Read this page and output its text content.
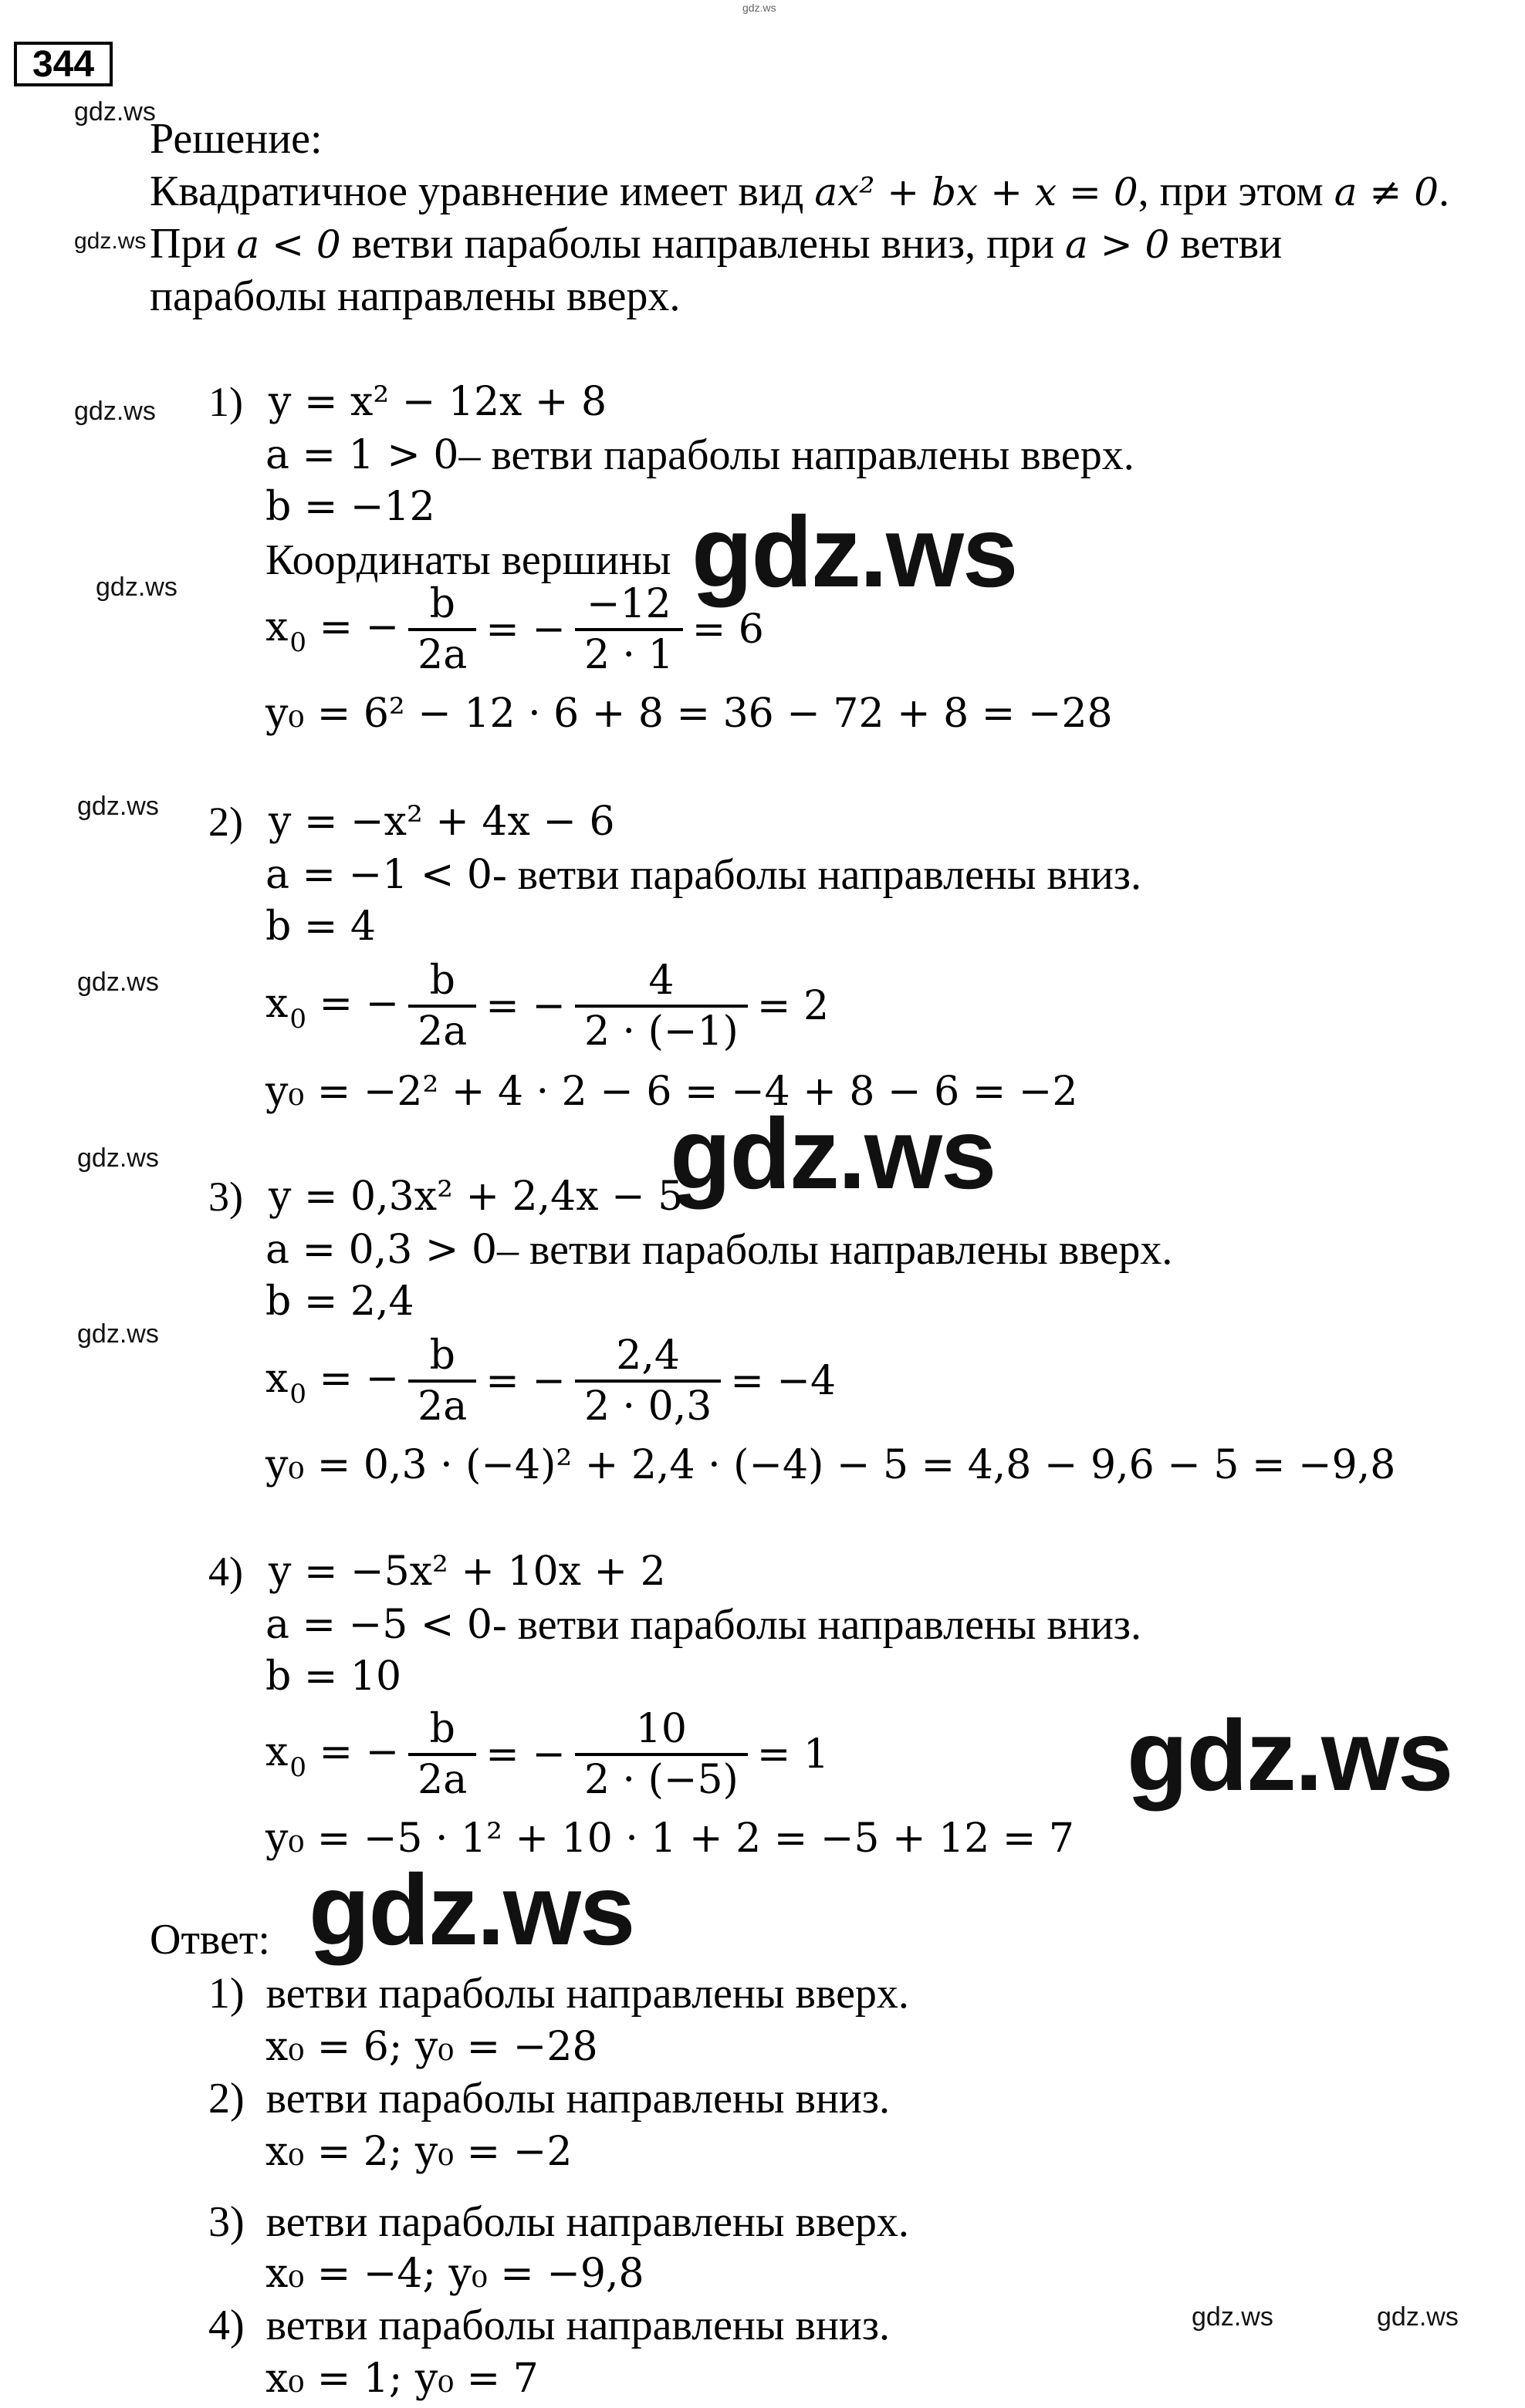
gdz.ws
344
gdz.ws
gdz.ws
gdz.ws
gdz.ws
gdz.ws
gdz.ws
gdz.ws
gdz.ws
gdz.ws	gdz.ws
gdz.ws
gdz.ws
gdz.ws
gdz.ws
Решение:
Квадратичное уравнение имеет вид ax² + bx + x = 0, при этом a ≠ 0.
При a < 0 ветви параболы направлены вниз, при a > 0 ветви
параболы направлены вверх.
1)
y = x² − 12x + 8
a = 1 > 0 – ветви параболы направлены вверх.
b = −12
Координаты вершины
$x_0$ = − $\frac{b}{2a}$ = − $\frac{-12}{2 \cdot 1} = 6$
y₀ = 6² − 12 · 6 + 8 = 36 − 72 + 8 = −28
2)
y = −x² + 4x − 6
a = −1 < 0 - ветви параболы направлены вниз.
b = 4
$x_0$ = − $\frac{b}{2a}$ = − $\frac{4}{2 \cdot (-1)} = 2$
y₀ = −2² + 4 · 2 − 6 = −4 + 8 − 6 = −2
3)
y = 0,3x² + 2,4x − 5
a = 0,3 > 0 – ветви параболы направлены вверх.
b = 2,4
$x_0$ = − $\frac{b}{2a}$ = − $\frac{2,4}{2 \cdot 0,3} = -4$
y₀ = 0,3 · (−4)² + 2,4 · (−4) − 5 = 4,8 − 9,6 − 5 = −9,8
4)
y = −5x² + 10x + 2
a = −5 < 0 - ветви параболы направлены вниз.
b = 10
$x_0$ = − $\frac{b}{2a}$ = − $\frac{10}{2 \cdot (-5)} = 1$
y₀ = −5 · 1² + 10 · 1 + 2 = −5 + 12 = 7
Ответ:
1) ветви параболы направлены вверх.
x₀ = 6; y₀ = −28
2) ветви параболы направлены вниз.
x₀ = 2; y₀ = −2
3) ветви параболы направлены вверх.
x₀ = −4; y₀ = −9,8
4) ветви параболы направлены вниз.
x₀ = 1; y₀ = 7
